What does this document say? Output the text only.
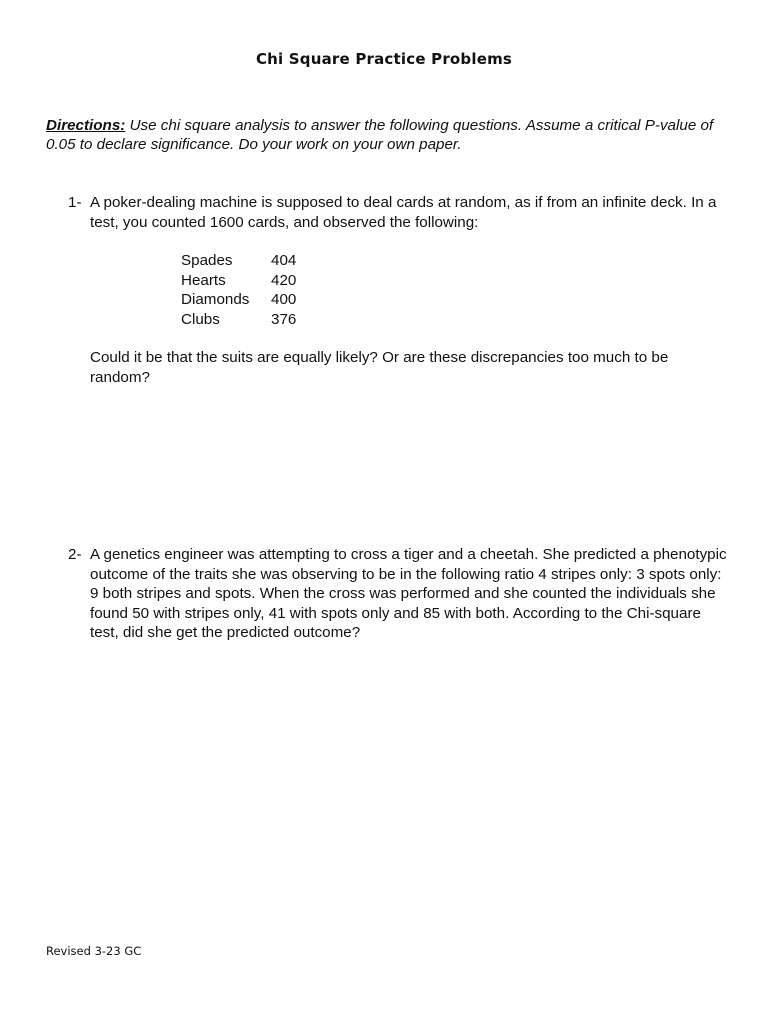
Chi Square Practice Problems
Directions: Use chi square analysis to answer the following questions. Assume a critical P-value of 0.05 to declare significance. Do your work on your own paper.
1- A poker-dealing machine is supposed to deal cards at random, as if from an infinite deck. In a test, you counted 1600 cards, and observed the following:
Spades	404
Hearts	420
Diamonds	400
Clubs	376
Could it be that the suits are equally likely? Or are these discrepancies too much to be random?
2- A genetics engineer was attempting to cross a tiger and a cheetah. She predicted a phenotypic outcome of the traits she was observing to be in the following ratio 4 stripes only: 3 spots only: 9 both stripes and spots. When the cross was performed and she counted the individuals she found 50 with stripes only, 41 with spots only and 85 with both. According to the Chi-square test, did she get the predicted outcome?
Revised 3-23 GC
